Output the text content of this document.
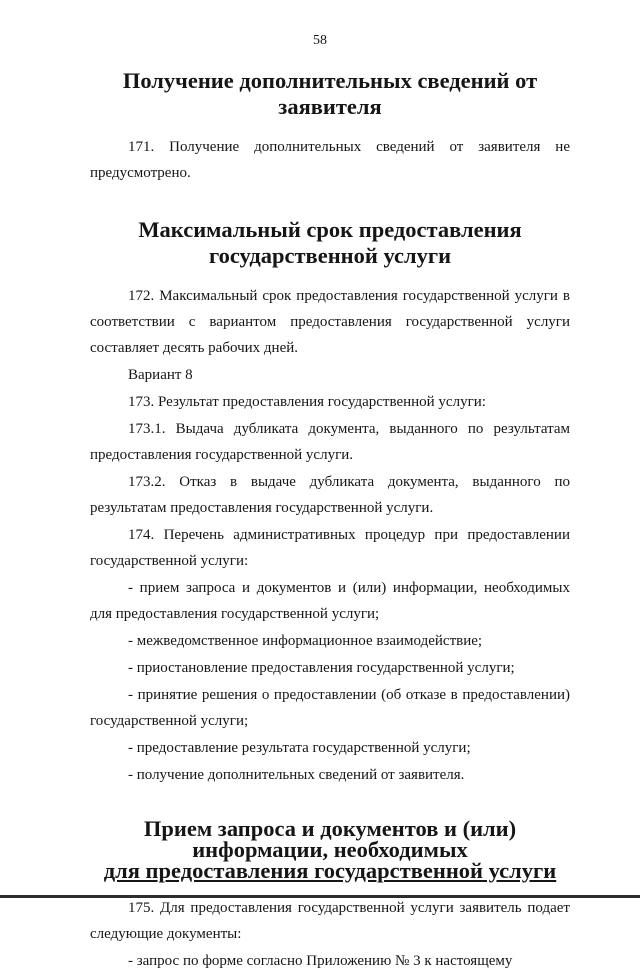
58
Получение дополнительных сведений от заявителя

171. Получение дополнительных сведений от заявителя не предусмотрено.

Максимальный срок предоставления государственной услуги

172. Максимальный срок предоставления государственной услуги в соответствии с вариантом предоставления государственной услуги составляет десять рабочих дней.

Вариант 8

173. Результат предоставления государственной услуги:

173.1. Выдача дубликата документа, выданного по результатам предоставления государственной услуги.

173.2. Отказ в выдаче дубликата документа, выданного по результатам предоставления государственной услуги.

174. Перечень административных процедур при предоставлении государственной услуги:

- прием запроса и документов и (или) информации, необходимых для предоставления государственной услуги;

- межведомственное информационное взаимодействие;

- приостановление предоставления государственной услуги;

- принятие решения о предоставлении (об отказе в предоставлении) государственной услуги;

- предоставление результата государственной услуги;

- получение дополнительных сведений от заявителя.

Прием запроса и документов и (или) информации, необходимых
для предоставления государственной услуги

175. Для предоставления государственной услуги заявитель подает следующие документы:

- запрос по форме согласно Приложению № 3 к настоящему
